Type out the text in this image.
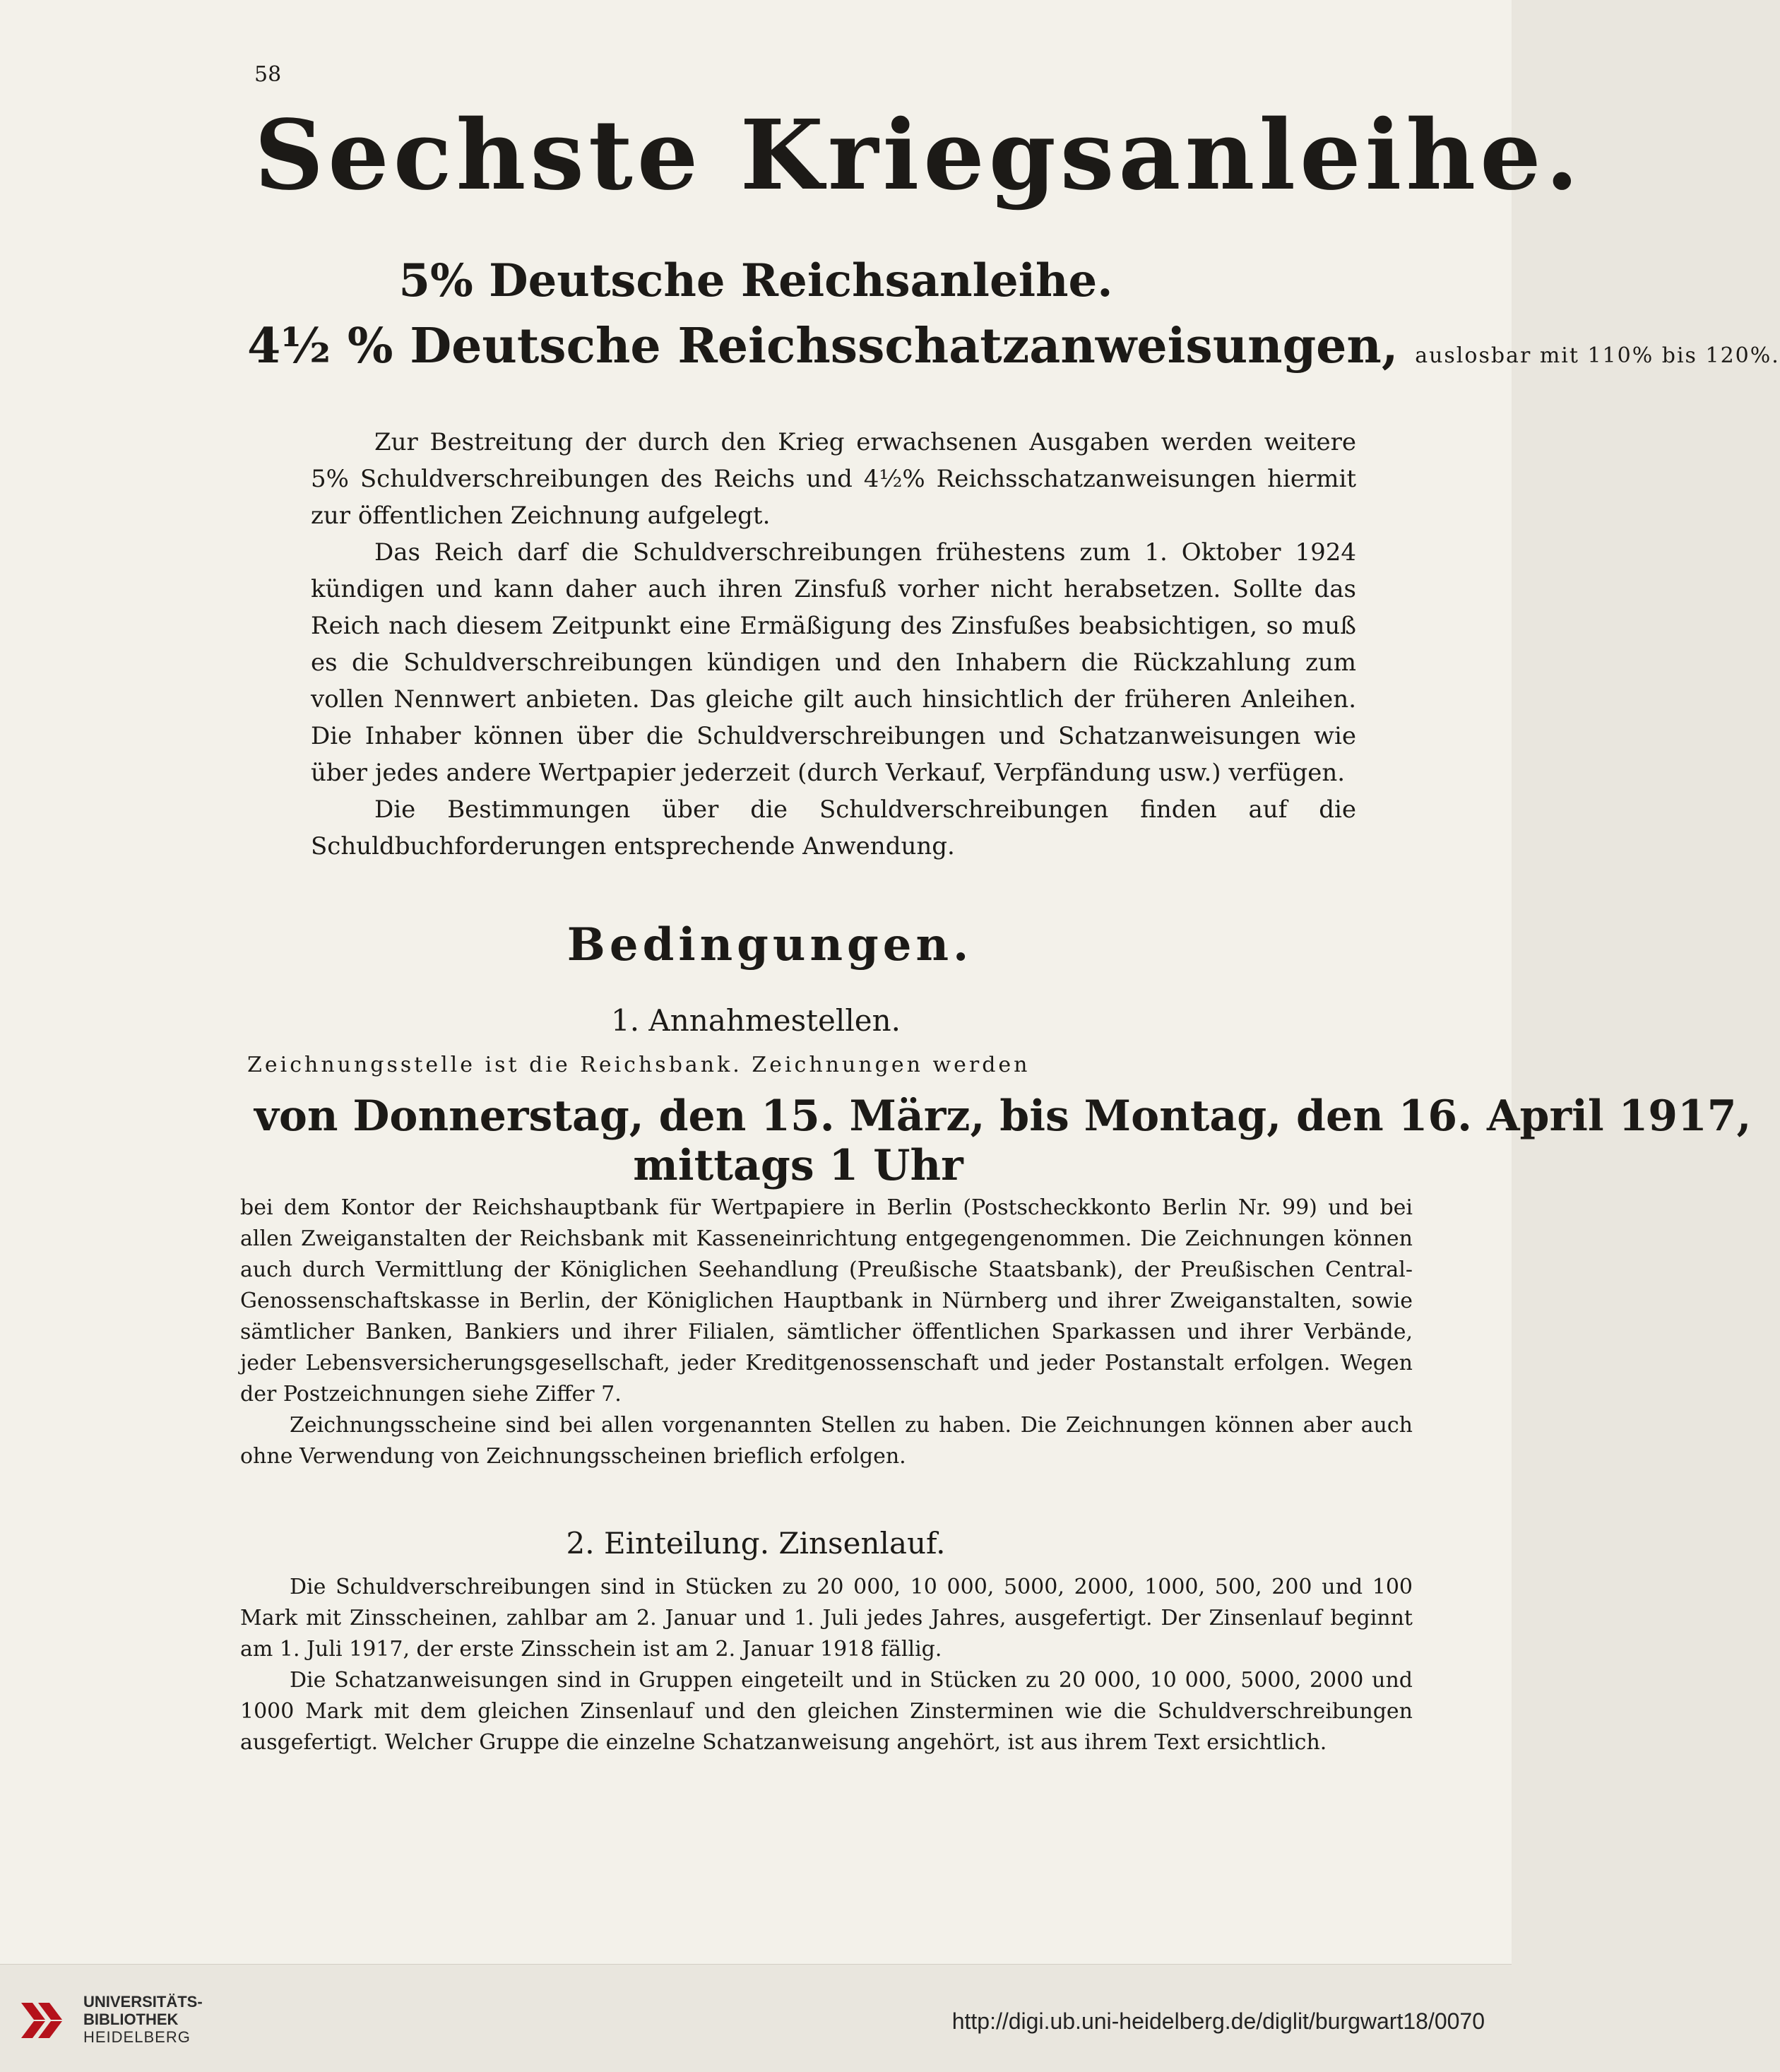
58
Sechste Kriegsanleihe.
5% Deutsche Reichsanleihe.
4½ % Deutsche Reichsschatzanweisungen, auslosbar mit 110% bis 120%.

Zur Bestreitung der durch den Krieg erwachsenen Ausgaben werden weitere 5% Schuldverschreibungen des Reichs und 4½% Reichsschatzanweisungen hiermit zur öffentlichen Zeichnung aufgelegt.

Das Reich darf die Schuldverschreibungen frühestens zum 1. Oktober 1924 kündigen und kann daher auch ihren Zinsfuß vorher nicht herabsetzen. Sollte das Reich nach diesem Zeitpunkt eine Ermäßigung des Zinsfußes beabsichtigen, so muß es die Schuldverschreibungen kündigen und den Inhabern die Rückzahlung zum vollen Nennwert anbieten. Das gleiche gilt auch hinsichtlich der früheren Anleihen. Die Inhaber können über die Schuldverschreibungen und Schatzanweisungen wie über jedes andere Wertpapier jederzeit (durch Verkauf, Verpfändung usw.) verfügen.

Die Bestimmungen über die Schuldverschreibungen finden auf die Schuldbuchforderungen entsprechende Anwendung.

Bedingungen.
1. Annahmestellen.
Zeichnungsstelle ist die Reichsbank. Zeichnungen werden
von Donnerstag, den 15. März, bis Montag, den 16. April 1917,
mittags 1 Uhr

bei dem Kontor der Reichshauptbank für Wertpapiere in Berlin (Postscheckkonto Berlin Nr. 99) und bei allen Zweiganstalten der Reichsbank mit Kasseneinrichtung entgegengenommen. Die Zeichnungen können auch durch Vermittlung der Königlichen Seehandlung (Preußische Staatsbank), der Preußischen Central-Genossenschaftskasse in Berlin, der Königlichen Hauptbank in Nürnberg und ihrer Zweiganstalten, sowie sämtlicher Banken, Bankiers und ihrer Filialen, sämtlicher öffentlichen Sparkassen und ihrer Verbände, jeder Lebensversicherungsgesellschaft, jeder Kreditgenossenschaft und jeder Postanstalt erfolgen. Wegen der Postzeichnungen siehe Ziffer 7.

Zeichnungsscheine sind bei allen vorgenannten Stellen zu haben. Die Zeichnungen können aber auch ohne Verwendung von Zeichnungsscheinen brieflich erfolgen.

2. Einteilung. Zinsenlauf.

Die Schuldverschreibungen sind in Stücken zu 20 000, 10 000, 5000, 2000, 1000, 500, 200 und 100 Mark mit Zinsscheinen, zahlbar am 2. Januar und 1. Juli jedes Jahres, ausgefertigt. Der Zinsenlauf beginnt am 1. Juli 1917, der erste Zinsschein ist am 2. Januar 1918 fällig.

Die Schatzanweisungen sind in Gruppen eingeteilt und in Stücken zu 20 000, 10 000, 5000, 2000 und 1000 Mark mit dem gleichen Zinsenlauf und den gleichen Zinsterminen wie die Schuldverschreibungen ausgefertigt. Welcher Gruppe die einzelne Schatzanweisung angehört, ist aus ihrem Text ersichtlich.

UNIVERSITÄTS-
BIBLIOTHEK
HEIDELBERG
http://digi.ub.uni-heidelberg.de/diglit/burgwart18/0070
